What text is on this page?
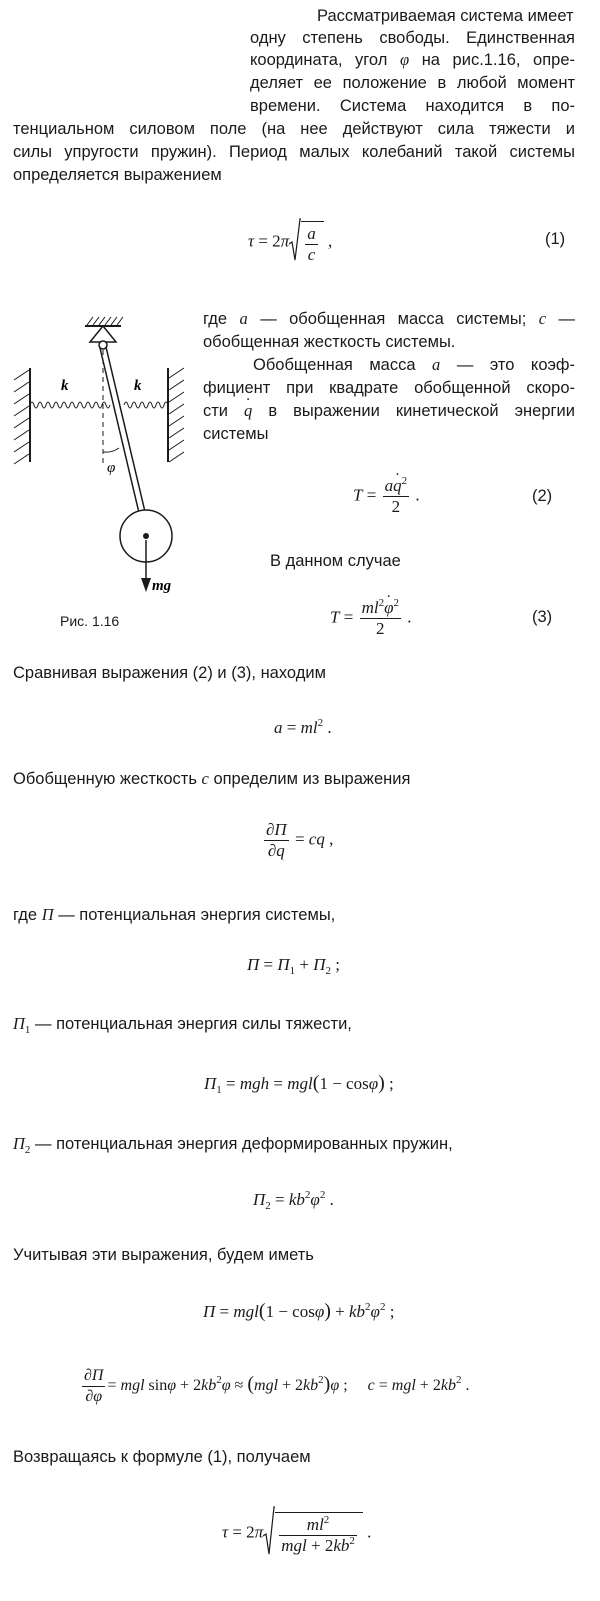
Рассматриваемая система имеет
одну степень свободы. Единственная
координата, угол φ на рис.1.16, опре-
деляет ее положение в любой момент
времени. Система находится в по-
тенциальном силовом поле (на нее действуют сила тяжести и
силы упругости пружин). Период малых колебаний такой системы
определяется выражением
$\tau = 2\pi \frac{a}{c}$ ,	(1)
k	k
φ
mg
Рис. 1.16
где a — обобщенная масса системы; c —
обобщенная жесткость системы.
Обобщенная масса a — это коэф-
фициент при квадрате обобщенной скоро-
сти · q в выражении кинетической энергии
системы
$T = \frac{a\cdot q^2}{2}$ .	(2)
В данном случае
$T = \frac{ml^2\cdot \varphi^2}{2}$ .	(3)
Сравнивая выражения (2) и (3), находим
$a = ml^2$ .
Обобщенную жесткость c определим из выражения
$\frac{\partial\Pi}{\partial q}$ = cq ,
где Π — потенциальная энергия системы,
$\Pi = \Pi_1 + \Pi_2$ ;
$\Pi_1$ — потенциальная энергия силы тяжести,
$\Pi_1$ = mgh = mgl(1 − cosφ) ;
$\Pi_2$ — потенциальная энергия деформированных пружин,
$\Pi_2 = kb^2\varphi^2$ .
Учитывая эти выражения, будем иметь
$\Pi = mgl(1 - \cos\varphi) + kb^2\varphi^2$ ;
$\frac{\partial\Pi}{\partial\varphi}$ = mgl $\sin\varphi + 2kb^2\varphi \approx (mgl + 2kb^2)\varphi$ ;     c = mgl + $2kb^2$ .
Возвращаясь к формуле (1), получаем
$\tau = 2\pi \frac{ml^2}{mgl + 2kb^2}$ .
